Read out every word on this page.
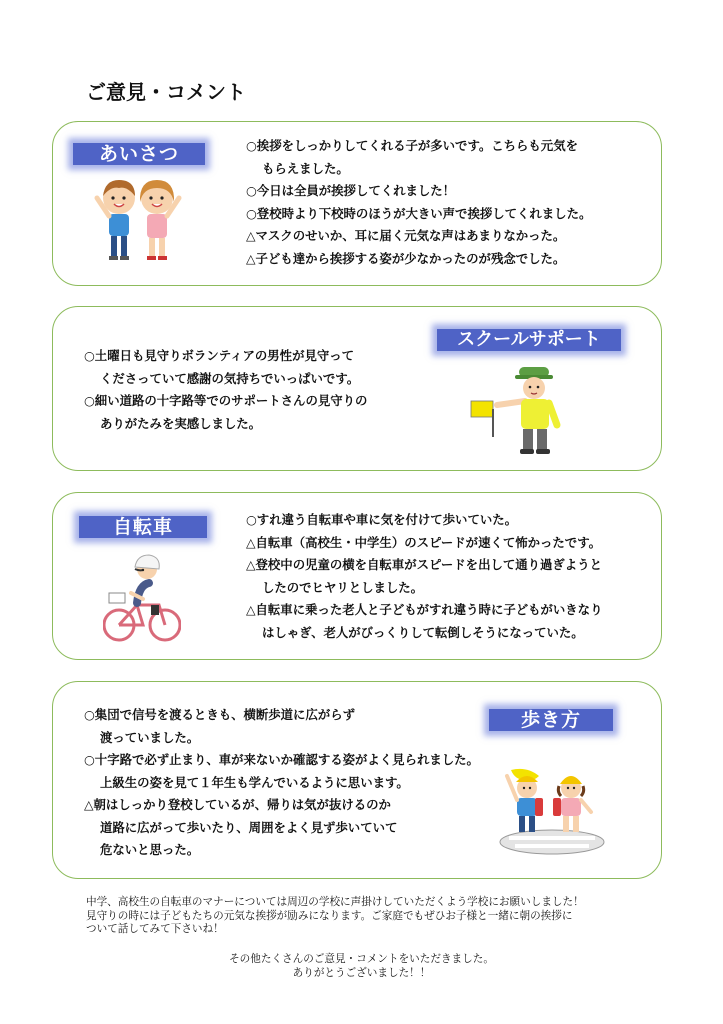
ご意見・コメント
あいさつ	○挨拶をしっかりしてくれる子が多いです。こちらも元気を
もらえました。
○今日は全員が挨拶してくれました！
○登校時より下校時のほうが大きい声で挨拶してくれました。
△マスクのせいか、耳に届く元気な声はあまりなかった。
△子ども達から挨拶する姿が少なかったのが残念でした。
スクールサポート
○土曜日も見守りボランティアの男性が見守って
くださっていて感謝の気持ちでいっぱいです。
○細い道路の十字路等でのサポートさんの見守りの
ありがたみを実感しました。
自転車	○すれ違う自転車や車に気を付けて歩いていた。
△自転車（高校生・中学生）のスピードが速くて怖かったです。
△登校中の児童の横を自転車がスピードを出して通り過ぎようと
したのでヒヤリとしました。
△自転車に乗った老人と子どもがすれ違う時に子どもがいきなり
はしゃぎ、老人がびっくりして転倒しそうになっていた。
歩き方
○集団で信号を渡るときも、横断歩道に広がらず
渡っていました。
○十字路で必ず止まり、車が来ないか確認する姿がよく見られました。
上級生の姿を見て１年生も学んでいるように思います。
△朝はしっかり登校しているが、帰りは気が抜けるのか
道路に広がって歩いたり、周囲をよく見ず歩いていて
危ないと思った。
中学、高校生の自転車のマナーについては周辺の学校に声掛けしていただくよう学校にお願いしました！
見守りの時には子どもたちの元気な挨拶が励みになります。ご家庭でもぜひお子様と一緒に朝の挨拶に
ついて話してみて下さいね！
その他たくさんのご意見・コメントをいただきました。
ありがとうございました！！
